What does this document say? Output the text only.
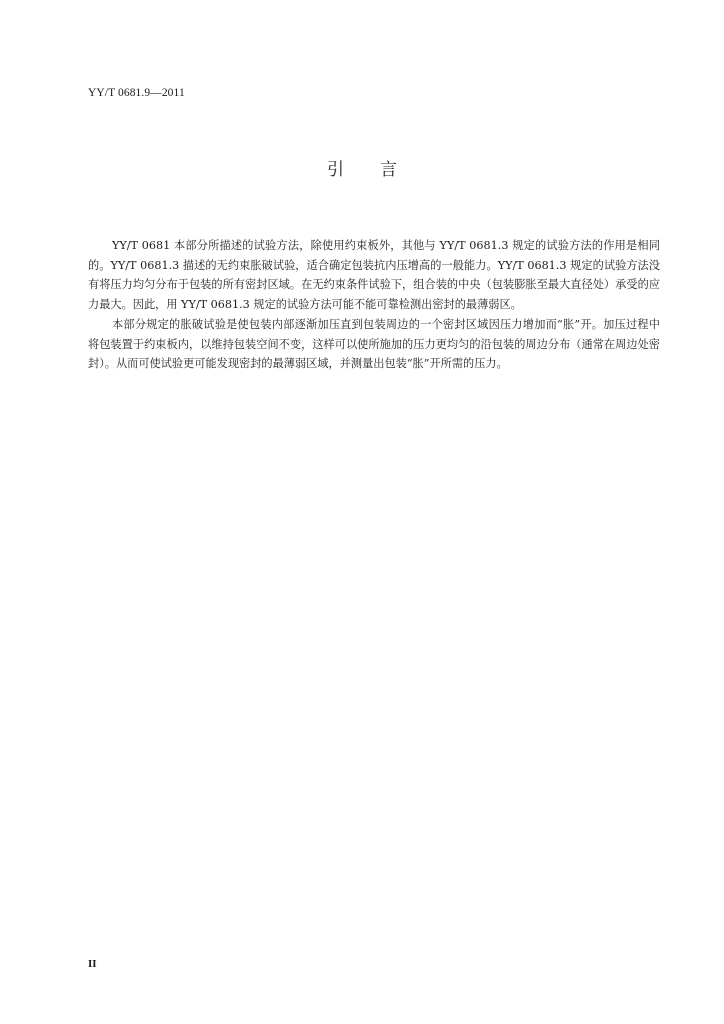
YY/T 0681.9—2011
引言

YY/T 0681 本部分所描述的试验方法，除使用约束板外，其他与 YY/T 0681.3 规定的试验方法的作用是相同的。YY/T 0681.3 描述的无约束胀破试验，适合确定包装抗内压增高的一般能力。YY/T 0681.3 规定的试验方法没有将压力均匀分布于包装的所有密封区域。在无约束条件试验下，组合装的中央（包装膨胀至最大直径处）承受的应力最大。因此，用 YY/T 0681.3 规定的试验方法可能不能可靠检测出密封的最薄弱区。

本部分规定的胀破试验是使包装内部逐渐加压直到包装周边的一个密封区域因压力增加而“胀”开。加压过程中将包装置于约束板内，以维持包装空间不变，这样可以使所施加的压力更均匀的沿包装的周边分布（通常在周边处密封）。从而可使试验更可能发现密封的最薄弱区域，并测量出包装“胀”开所需的压力。

II
